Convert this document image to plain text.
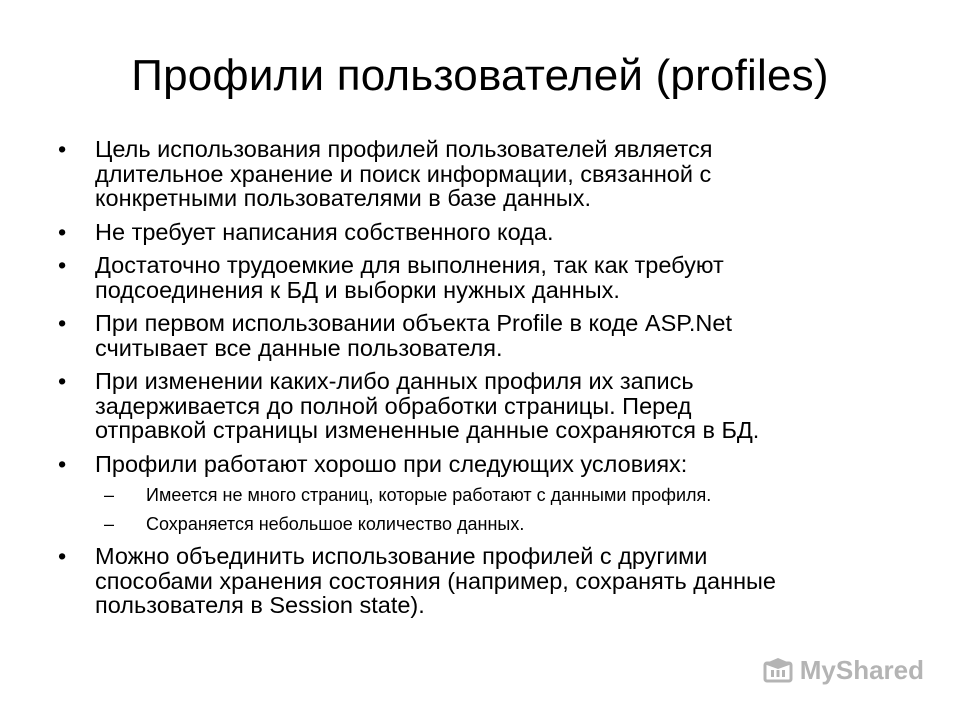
Профили пользователей (profiles)
• Цель использования профилей пользователей является
длительное хранение и поиск информации, связанной с
конкретными пользователями в базе данных.
• Не требует написания собственного кода.
• Достаточно трудоемкие для выполнения, так как требуют
подсоединения к БД и выборки нужных данных.
• При первом использовании объекта Profile в коде ASP.Net
считывает все данные пользователя.
• При изменении каких-либо данных профиля их запись
задерживается до полной обработки страницы. Перед
отправкой страницы измененные данные сохраняются в БД.
• Профили работают хорошо при следующих условиях:
– Имеется не много страниц, которые работают с данными профиля.
– Сохраняется небольшое количество данных.
• Можно объединить использование профилей с другими
способами хранения состояния (например, сохранять данные
пользователя в Session state).
MyShared
